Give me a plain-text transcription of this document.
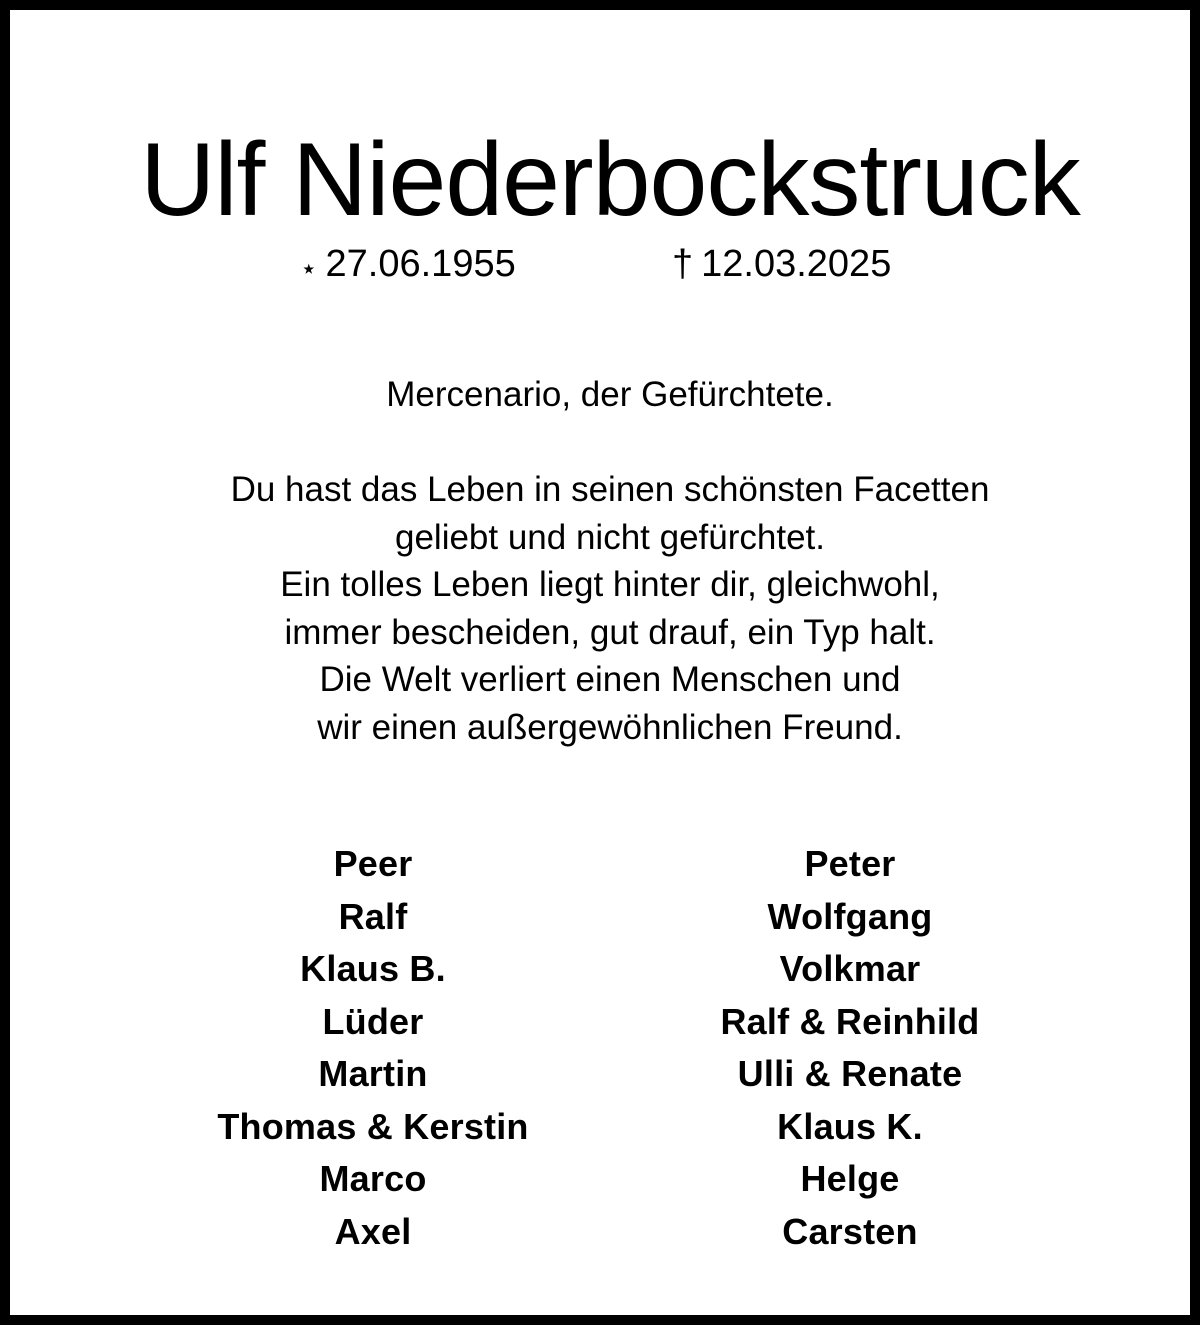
Ulf Niederbockstruck
⋆ 27.06.1955	† 12.03.2025

Mercenario, der Gefürchtete.

Du hast das Leben in seinen schönsten Facetten
geliebt und nicht gefürchtet.
Ein tolles Leben liegt hinter dir, gleichwohl,
immer bescheiden, gut drauf, ein Typ halt.
Die Welt verliert einen Menschen und
wir einen außergewöhnlichen Freund.

Peer
Ralf
Klaus B.
Lüder
Martin
Thomas & Kerstin
Marco
Axel
Peter
Wolfgang
Volkmar
Ralf & Reinhild
Ulli & Renate
Klaus K.
Helge
Carsten
